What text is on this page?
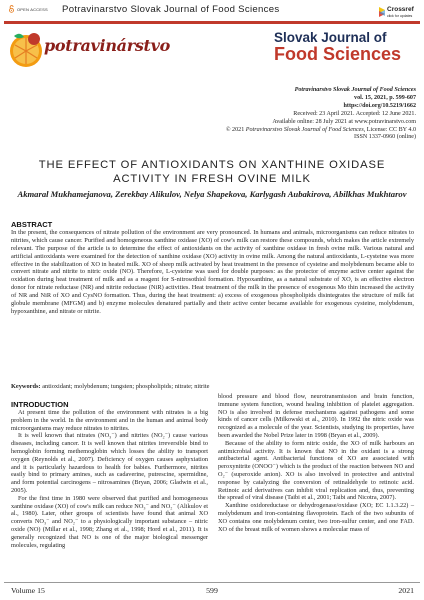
OPEN ACCESS Potravinarstvo Slovak Journal of Food Sciences	Crossref
click for updates
potravinárstvo	Slovak Journal of
Food Sciences
Potravinarstvo Slovak Journal of Food Sciences
vol. 15, 2021, p. 599-607
https://doi.org/10.5219/1662
Received: 23 April 2021. Accepted: 12 June 2021.
Available online: 28 July 2021 at www.potravinarstvo.com
© 2021 Potravinarstvo Slovak Journal of Food Sciences, License: CC BY 4.0
ISSN 1337-0960 (online)
THE EFFECT OF ANTIOXIDANTS ON XANTHINE OXIDASE ACTIVITY IN FRESH OVINE MILK
Akmaral Mukhamejanova, Zerekbay Alikulov, Nelya Shapekova, Karlygash Aubakirova, Abilkhas Mukhtarov
ABSTRACT
In the present, the consequences of nitrate pollution of the environment are very pronounced. In humans and animals, microorganisms can reduce nitrates to nitrites, which cause cancer. Purified and homogeneous xanthine oxidase (XO) of cow's milk can restore these compounds, which makes the article extremely relevant. The purpose of the article is to determine the effect of antioxidants on the activity of xanthine oxidase in fresh ovine milk. Various natural and artificial antioxidants were examined for the detection of xanthine oxidase (XO) activity in ovine milk. Among the natural antioxidants, L-cysteine was more effective in the stabilization of XO in heated milk. XO of sheep milk activated by heat treatment in the presence of cysteine and molybdenum became able to convert nitrate and nitrite to nitric oxide (NO). Therefore, L-cysteine was used for double purposes: as the protector of enzyme active center against the oxidation during heat treatment of milk and as a reagent for S-nitrosothiol formation. Hypoxanthine, as a natural substrate of XO, is an effective electron donor for nitrate reductase (NR) and nitrite reductase (NiR) activities. Heat treatment of the milk in the presence of exogenous Mo thin increased the activity of NR and NiR of XO and CysNO formation. Thus, during the heat treatment: a) excess of exogenous phospholipids disintegrates the structure of milk fat globule membrane (MFGM) and b) enzyme molecules denatured partially and their active center became available for exogenous cysteine, molybdenum, hypoxanthine, and nitrate or nitrite.
Keywords: antioxidant; molybdenum; tungsten; phospholipids; nitrate; nitrite
INTRODUCTION

At present time the pollution of the environment with nitrates is a big problem in the world. In the environment and in the human and animal body microorganisms may reduce nitrates to nitrites.

It is well known that nitrates (NO₃⁻) and nitrites (NO₂⁻) cause various diseases, including cancer. It is well known that nitrites irreversible bind to hemoglobin forming methemoglobin which losses the ability to transport oxygen (Reynolds et al., 2007). Deficiency of oxygen causes asphyxiation and it is particularly hazardous to health for babies. Furthermore, nitrites easily bind to primary amines, such as cadaverine, putrescine, spermidine, and form potential carcinogens – nitrosamines (Bryan, 2006; Gladwin et al., 2005).

For the first time in 1980 were observed that purified and homogeneous xanthine oxidase (XO) of cow's milk can reduce NO₃⁻ and NO₂⁻ (Alikulov et al., 1980). Later, other groups of scientists have found that animal XO converts NO₃⁻ and NO₂⁻ to a physiologically important substance – nitric oxide (NO) (Millar et al., 1998; Zhang et al., 1998; Hord et al., 2011). It is generally recognized that NO is one of the major biological messenger molecules, regulating

blood pressure and blood flow, neurotransmission and brain function, immune system function, wound healing inhibition of platelet aggregation. NO is also involved in defense mechanisms against pathogens and some kinds of cancer cells (Milkowski et al., 2010). In 1992 the nitric oxide was recognized as a molecule of the year. Scientists, studying its properties, have been awarded the Nobel Prize later in 1998 (Bryan et al., 2009).

Because of the ability to form nitric oxide, the XO of milk harbours an antimicrobial activity. It is known that NO in the oxidant is a strong antibacterial agent. Antibacterial functions of XO are associated with peroxynitrite (ONOO⁻) which is the product of the reaction between NO and O₂⁻ (superoxide anion). XO is also involved in protective and antiviral response by catalyzing the conversion of retinaldehyde to retinoic acid. Retinoic acid derivatives can inhibit viral replication and, thus, preventing the spread of viral disease (Taibi et al., 2001; Taibi and Nicotra, 2007).

Xanthine oxidoreductase or dehydrogenase/oxidase (XO; EC 1.1.3.22) – molybdenum and iron-containing flavoprotein. Each of the two subunits of XO contains one molybdenum center, two iron-sulfur center, and one FAD. XO of the breast milk of women shows a molecular mass of

Volume 15	599	2021
